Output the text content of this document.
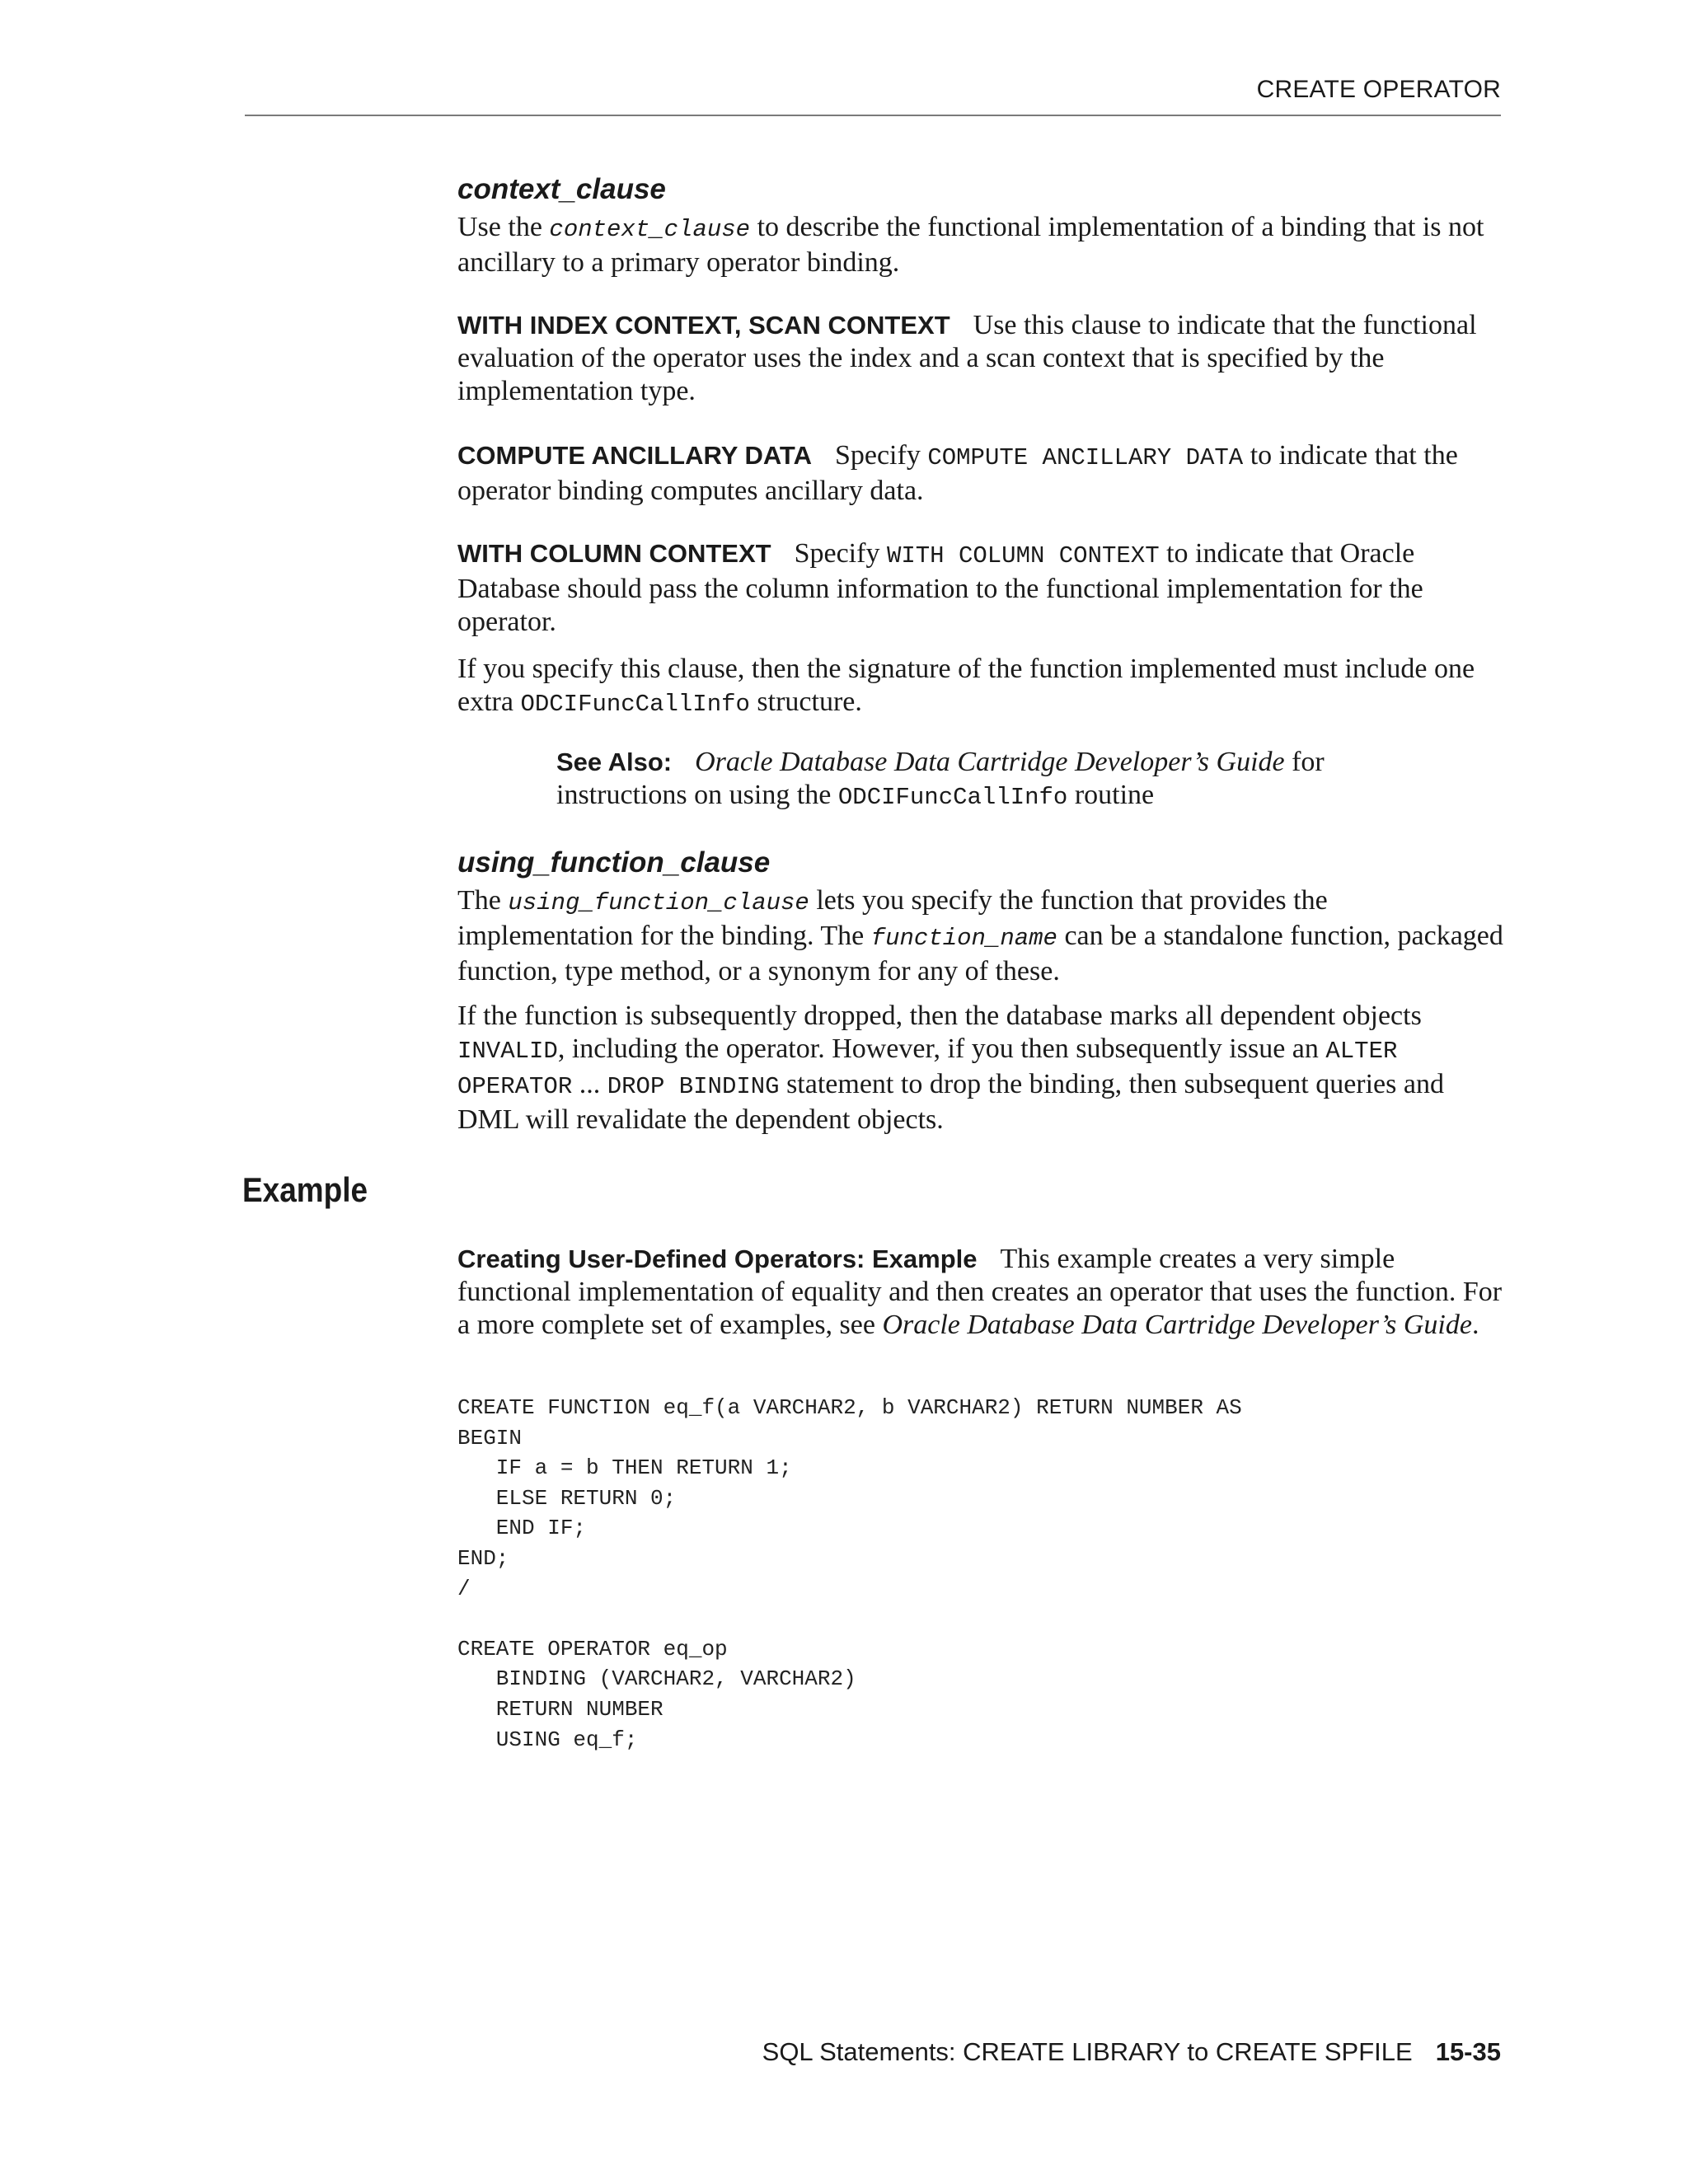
CREATE OPERATOR
context_clause

Use the context_clause to describe the functional implementation of a binding that is not ancillary to a primary operator binding.

WITH INDEX CONTEXT, SCAN CONTEXT Use this clause to indicate that the functional evaluation of the operator uses the index and a scan context that is specified by the implementation type.

COMPUTE ANCILLARY DATA Specify COMPUTE ANCILLARY DATA to indicate that the operator binding computes ancillary data.

WITH COLUMN CONTEXT Specify WITH COLUMN CONTEXT to indicate that Oracle Database should pass the column information to the functional implementation for the operator.

If you specify this clause, then the signature of the function implemented must include one extra ODCIFuncCallInfo structure.

See Also: Oracle Database Data Cartridge Developer’s Guide for instructions on using the ODCIFuncCallInfo routine

using_function_clause

The using_function_clause lets you specify the function that provides the implementation for the binding. The function_name can be a standalone function, packaged function, type method, or a synonym for any of these.

If the function is subsequently dropped, then the database marks all dependent objects INVALID, including the operator. However, if you then subsequently issue an ALTER OPERATOR ... DROP BINDING statement to drop the binding, then subsequent queries and DML will revalidate the dependent objects.

Example

Creating User-Defined Operators: Example This example creates a very simple functional implementation of equality and then creates an operator that uses the function. For a more complete set of examples, see Oracle Database Data Cartridge Developer’s Guide.

CREATE FUNCTION eq_f(a VARCHAR2, b VARCHAR2) RETURN NUMBER AS
BEGIN
IF a = b THEN RETURN 1;
ELSE RETURN 0;
END IF;
END;
/

CREATE OPERATOR eq_op
BINDING (VARCHAR2, VARCHAR2)
RETURN NUMBER
USING eq_f;
SQL Statements: CREATE LIBRARY to CREATE SPFILE 15-35
